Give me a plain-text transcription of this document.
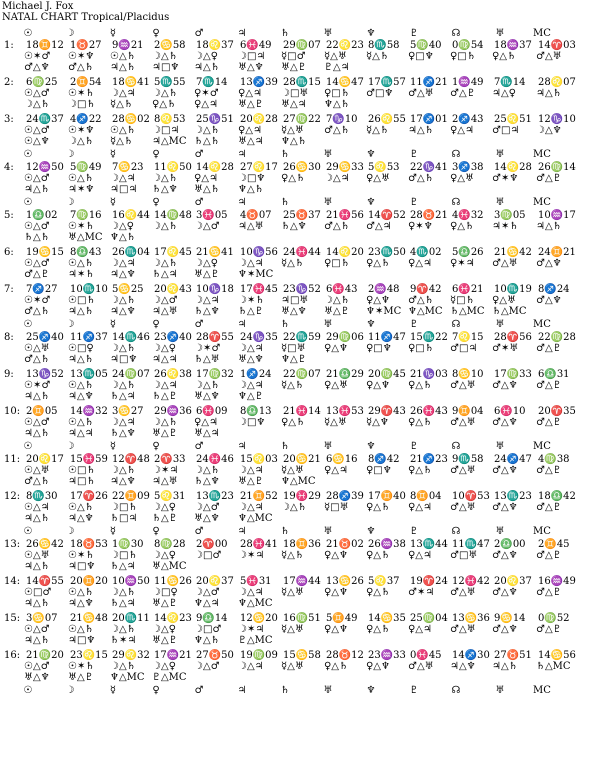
Michael J. Fox
NATAL CHART Tropical/Placidus
☉	☽	☿	♀	♂	♃	♄	♅	♆	♇	☊	♅	MC
1: 18♊12 1♉27 9♒21 2♋58 18♌37 6♓49 29♍07 22♌23 8♏58 5♍40 0♍54 18♒37 14♈03
☉✶♂ ☉✶♆ ☉△♄ ☽△♄ ☽△♀ ☽□♃ ☿□♂ ☿△♅ ☿△♄ ♀□♆ ♀□♄ ♀△♄ ♂△♅
♂△♆ ♂△♄ ♃△♄ ♃□♆ ♃△♄ ♅△♆ ♅△♇ ♇△♃
2: 6♍25 2♊54 18♋41 5♏55 7♏14 13♐39 28♏15 14♋47 17♏57 11♐21 1♒49 7♏14 28♌07
☉△♂ ☉✶♄ ☽△♃ ☽△♄ ♀✶♂ ♀△♃ ☽□♅ ♀□♄ ♂□♆ ♂△♅ ♂△♇ ♃△♀ ♃△♄
☽△♄ ☽□♄ ☿△♄ ♀△♄ ♀△♃ ♅△♇ ♅△♃ ♆△♄
3: 24♏37 4♐22 28♋02 8♌53 25♑51 20♌28 27♍22 7♑10 26♌55 17♐01 2♐43 25♌51 12♑10
☉△♂ ☉✶♆ ☉△♄ ☽□♃ ☽△♄ ♀△♃ ☿△♅ ♂△♄ ☿△♄ ♃△♄ ♀△♃ ♂□♃ ☽△♆
☉△♆ ☽△♄ ☿△♄ ♃△MC ♄△♄ ♅△♃ ♆△♄
☉	☽	☿	♀	♂	♃	♄	♅	♆	♇	☊	♅	MC
4: 12♒50 5♍49 7♋23 11♌50 14♌28 27♌17 26♋30 29♋33 5♌53 22♑41 3♐38 14♌28 26♍14
☉△♂ ☉△♄ ☽△♃ ☽△♄ ♀△♃ ☽□♆ ♀△♄ ☽△♃ ♀△♅ ♂△♄ ♀△♅ ♂✶♆ ♂△♇
♃△♄ ♃✶♆ ♃□♃ ♄△♆ ♅△♄ ♆△♄
☉	☽	☿	♀	♂	♃	♄	♅	♆	♇	☊	♅	MC
5: 1♎02 7♍16 16♌44 14♍48 3♓05 4♉07 25♉37 21♓56 14♈52 28♉21 4♓32 3♍05 10♒17
☉△♂ ☉✶♄ ☽△♀ ☽△♄ ☽△♂ ♃△♅ ♄△♆ ♂△♄ ♂△♃ ♀✶♆ ♀△♄ ♃✶♄ ♃△♄
♄△♄ ♅△MC ♆△♄
6: 19♋15 8♎43 26♏04 17♌45 21♋41 10♑56 24♓44 14♌20 23♏50 4♏02 5♎26 21♋42 24♊21
☉△♂ ☉△♄ ☽△♃ ☽△♄ ☽△♀ ☽△♃ ☿△♄ ♀□♄ ♀△♄ ♀△♃ ♀✶♃ ♂△♅ ♂△♆
♂△♇ ♃✶♄ ♃△♆ ♄△♃ ♅△♇ ♆✶MC
7: 7♐27 10♏10 5♋25 20♌43 10♑18 17♓45 23♑52 6♓43 2♒48 9♈42 6♓21 10♏19 8♐24
☉✶♂ ☉□♄ ☽△♄ ☽△♂ ☽△♃ ☽✶♄ ♃□♅ ☽△♄ ♀△♆ ♂△♄ ☿□♄ ♀△♅ ♂△♆
♂△♄ ♃△♄ ♃△♆ ♃△♅ ♄△♆ ♄△♇ ♅△♆ ♅△♇ ♆✶MC ♆△MC ♄△MC ♄△MC
☉	☽	☿	♀	♂	♃	♄	♅	♆	♇	☊	♅	MC
8: 25♐40 11♐37 14♏46 23♐40 28♈55 24♑35 22♏59 29♍06 11♐47 15♏22 7♌15 28♈56 22♍28
☉△♅ ☉□♀ ☽△♄ ☽△♀ ☽✶♂ ☽△♃ ☿□♅ ♀△♆ ♀□♆ ♀□♄ ♂□♃ ♂✶♅ ♂△♇
♂△♄ ♃△♄ ♃□♆ ♃△♃ ♄△♅ ♅△♆ ♆△♇
9: 13♑52 13♏05 24♍07 26♌38 17♍32 1♐24 22♍07 21♎29 20♍45 21♑03 8♋10 17♍33 6♎31
☉✶♂ ☉△♄ ☽△♄ ☽△♃ ☽△♄ ☽△♃ ☿△♄ ♀△♅ ♀△♆ ♀△♄ ♂△♅ ♂△♆ ♂△♇
♃△♄ ♃△♆ ♄△♃ ♄△♇ ♅△♆ ♆△♇
10: 2♊05 14♒32 3♋27 29♒36 6♓09 8♎13 21♓14 13♓53 29♈43 26♓43 9♊04 6♓10 20♈35
☉△♂ ☉△♄ ☽△♃ ☽△♄ ♀△♃ ☽□♆ ♀△♄ ☿△♅ ☿△♆ ♀△♄ ♂△♅ ♂△♆ ♂△♇
♃△♄ ♃△♃ ♄△♆ ♅△♇ ♅△♃
☉	☽	☿	♀	♂	♃	♄	♅	♆	♇	☊	♅	MC
11: 20♌17 15♓59 12♈48 2♈33 24♓46 15♌03 20♋21 6♋16 8♐42 21♐23 9♏58 24♐47 4♍38
☉△♅ ☉□♄ ☽△♄ ☽✶♃ ☽△♄ ☽△♃ ☿△♅ ♀△♃ ♀□♆ ♀△♄ ♂△♅ ♂△♆ ♂△♇
♂△♄ ♃□♄ ♃△♆ ♃△♅ ♄△♆ ♅△♇ ♆△MC
12: 8♏30 17♈26 22♊09 5♌31 13♏23 21♊52 19♓29 28♐39 17♊40 8♊04 10♈53 13♏23 18♎42
☉△♃ ☉△♄ ☽□♄ ☽△♀ ☽△♂ ☽△♃ ☽△♄ ☿□♅ ♀△♄ ♀△♃ ♂△♅ ♂△♆ ♂△♇
♃△♄ ♃△♆ ♄□♃ ♄△♇ ♅△♆ ♆△MC
☉	☽	☿	♀	♂	♃	♄	♅	♆	♇	☊	♅	MC
13: 26♋42 18♉53 1♍30 8♍28 2♈00 28♓41 18♊36 21♉02 26♒38 13♏44 11♏47 2♎00 2♊45
☉△♅ ☉✶♄ ☽□♄ ☽△♀ ☽□♂ ☽✶♃ ☿△♄ ♀△♆ ♀△♄ ♀△♃ ♂□♅ ♂△♆ ♂△♇
♃△♄ ♃□♆ ♄△♃ ♅△MC
14: 14♈55 20♊20 10♒50 11♋26 20♌37 5♓31 17♒44 13♋26 5♌37 19♈24 12♓42 20♌37 16♒49
☉□♂ ☉△♄ ☽△♄ ☽□♀ ☽△♂ ☽△♃ ☿△♅ ♀△♆ ♀△♄ ♂✶♃ ♂△♅ ♂△♆ ♂△♇
♃△♄ ♃△♆ ♄△♃ ♅△♇ ♆△♃ ♆△MC
15: 3♋07 21♋48 20♏11 14♌23 9♎14 12♋20 16♍51 5♊49 14♋35 25♍04 13♋36 9♋14 0♍52
☉△♂ ☉△♄ ☽△♄ ☽△♀ ☽□♂ ☽✶♃ ☿△♅ ♀△♆ ♀△♄ ♀△♃ ♂△♅ ♂△♆ ♂△♇
♃△♄ ♃□♆ ♄✶♃ ♅△♇ ♆△♄ ♇△MC
16: 21♍20 23♌15 29♌32 17♒21 27♉50 19♍09 15♋58 28♉12 23♒33 0♓45 14♐30 27♉51 14♋56
☉△♂ ☉✶♄ ☽△♄ ☽△♀ ☽△♂ ☽△♃ ☿△♅ ♀△♄ ♀△♆ ♂△♅ ♃△♆ ♃△♄ ♄△MC
♅△♆ ♅△♇ ♆△MC ♇△MC
☉	☽	☿	♀	♂	♃	♄	♅	♆	♇	☊	♅	MC
